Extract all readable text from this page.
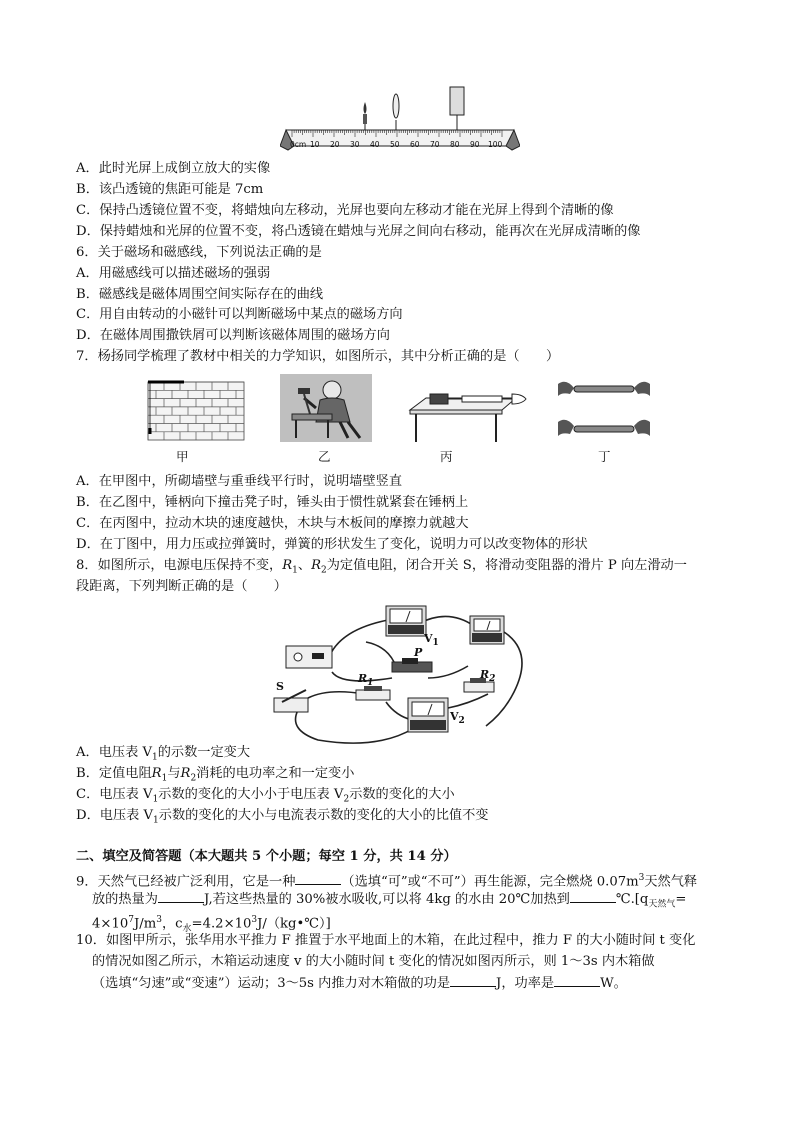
0cm 10 20 30 40 50 60 70 80 90 100
A．此时光屏上成倒立放大的实像
B．该凸透镜的焦距可能是 7cm
C．保持凸透镜位置不变，将蜡烛向左移动，光屏也要向左移动才能在光屏上得到个清晰的像
D．保持蜡烛和光屏的位置不变，将凸透镜在蜡烛与光屏之间向右移动，能再次在光屏成清晰的像
6．关于磁场和磁感线，下列说法正确的是
A．用磁感线可以描述磁场的强弱
B．磁感线是磁体周围空间实际存在的曲线
C．用自由转动的小磁针可以判断磁场中某点的磁场方向
D．在磁体周围撒铁屑可以判断该磁体周围的磁场方向
7．杨扬同学梳理了教材中相关的力学知识，如图所示，其中分析正确的是（　　）
甲	乙	丙	丁
A．在甲图中，所砌墙壁与重垂线平行时，说明墙壁竖直
B．在乙图中，锤柄向下撞击凳子时，锤头由于惯性就紧套在锤柄上
C．在丙图中，拉动木块的速度越快，木块与木板间的摩擦力就越大
D．在丁图中，用力压或拉弹簧时，弹簧的形状发生了变化，说明力可以改变物体的形状
8．如图所示，电源电压保持不变，$R_1$、$R_2$为定值电阻，闭合开关 S，将滑动变阻器的滑片 P 向左滑动一
段距离，下列判断正确的是（　　）
$V_1$
P
$R_1$
$R_2$
S
$V_2$
A．电压表 $V_1$的示数一定变大
B．定值电阻$R_1$与$R_2$消耗的电功率之和一定变小
C．电压表 $V_1$示数的变化的大小小于电压表 $V_2$示数的变化的大小
D．电压表 $V_1$示数的变化的大小与电流表示数的变化的大小的比值不变
二、填空及简答题（本大题共 5 个小题；每空 1 分，共 14 分）
9．天然气已经被广泛利用，它是一种	（选填“可”或“不可”）再生能源，完全燃烧 $0.07m^3$天然气释
放的热量为	J,若这些热量的 30%被水吸收,可以将 4kg 的水由 20℃加热到	$℃.[q_{天然气}=$
$4\times 10^7J/m^3$，$c_水=4.2\times 10^3J/(kg•℃)$]
10．如图甲所示，张华用水平推力 F 推置于水平地面上的木箱，在此过程中，推力 F 的大小随时间 t 变化
的情况如图乙所示，木箱运动速度 v 的大小随时间 t 变化的情况如图丙所示，则 1～3s 内木箱做
（选填“匀速”或“变速”）运动；3～5s 内推力对木箱做的功是	J，功率是	W。
